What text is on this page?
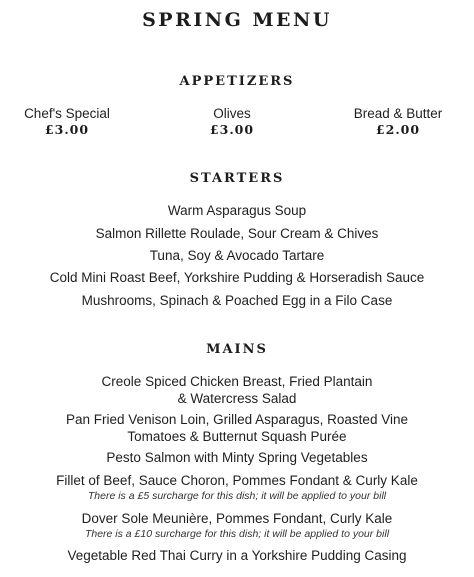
SPRING MENU
APPETIZERS
Chef's Special
£3.00
Olives
£3.00
Bread & Butter
£2.00
STARTERS
Warm Asparagus Soup
Salmon Rillette Roulade, Sour Cream & Chives
Tuna, Soy & Avocado Tartare
Cold Mini Roast Beef, Yorkshire Pudding & Horseradish Sauce
Mushrooms, Spinach & Poached Egg in a Filo Case
MAINS
Creole Spiced Chicken Breast, Fried Plantain
& Watercress Salad
Pan Fried Venison Loin, Grilled Asparagus, Roasted Vine
Tomatoes & Butternut Squash Purée
Pesto Salmon with Minty Spring Vegetables
Fillet of Beef, Sauce Choron, Pommes Fondant & Curly Kale
There is a £5 surcharge for this dish; it will be applied to your bill
Dover Sole Meunière, Pommes Fondant, Curly Kale
There is a £10 surcharge for this dish; it will be applied to your bill
Vegetable Red Thai Curry in a Yorkshire Pudding Casing
